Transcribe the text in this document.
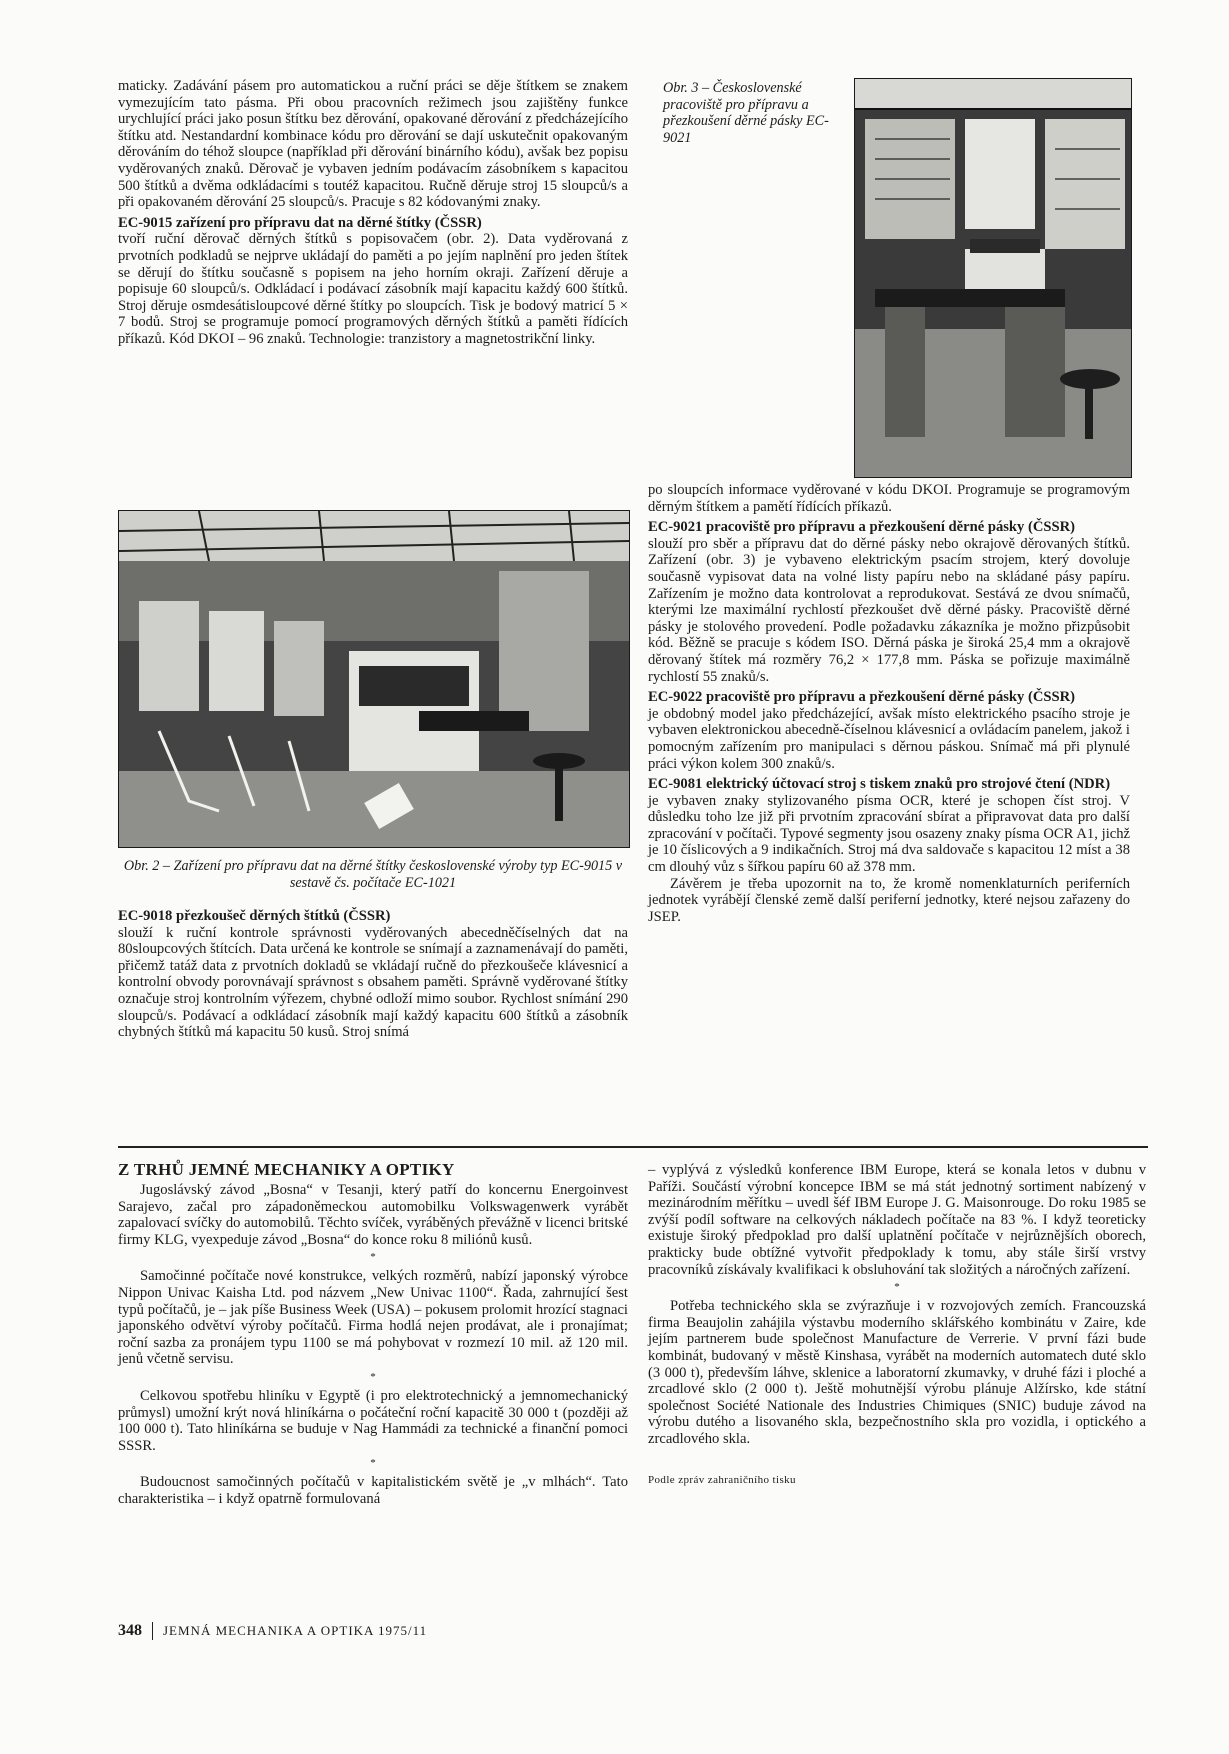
maticky. Zadávání pásem pro automatickou a ruční práci se děje štítkem se znakem vymezujícím tato pásma. Při obou pracovních režimech jsou zajištěny funkce urychlující práci jako posun štítku bez děrování, opakované děrování z předcházejícího štítku atd. Nestandardní kombinace kódu pro děrování se dají uskutečnit opakovaným děrováním do téhož sloupce (například při děrování binárního kódu), avšak bez popisu vyděrovaných znaků. Děrovač je vybaven jedním podávacím zásobníkem s kapacitou 500 štítků a dvěma odkládacími s toutéž kapacitou. Ručně děruje stroj 15 sloupců/s a při opakovaném děrování 25 sloupců/s. Pracuje s 82 kódovanými znaky.

EC-9015 zařízení pro přípravu dat na děrné štítky (ČSSR)

tvoří ruční děrovač děrných štítků s popisovačem (obr. 2). Data vyděrovaná z prvotních podkladů se nejprve ukládají do paměti a po jejím naplnění pro jeden štítek se děrují do štítku současně s popisem na jeho horním okraji. Zařízení děruje a popisuje 60 sloupců/s. Odkládací i podávací zásobník mají kapacitu každý 600 štítků. Stroj děruje osmdesátisloupcové děrné štítky po sloupcích. Tisk je bodový matricí 5 × 7 bodů. Stroj se programuje pomocí programových děrných štítků a paměti řídících příkazů. Kód DKOI – 96 znaků. Technologie: tranzistory a magnetostrikční linky.

Obr. 3 – Československé pracoviště pro přípravu a přezkoušení děrné pásky EC-9021
Obr. 2 – Zařízení pro přípravu dat na děrné štítky československé výroby typ EC-9015 v sestavě čs. počítače EC-1021
EC-9018 přezkoušeč děrných štítků (ČSSR)

slouží k ruční kontrole správnosti vyděrovaných abecedněčíselných dat na 80sloupcových štítcích. Data určená ke kontrole se snímají a zaznamenávají do paměti, přičemž tatáž data z prvotních dokladů se vkládají ručně do přezkoušeče klávesnicí a kontrolní obvody porovnávají správnost s obsahem paměti. Správně vyděrované štítky označuje stroj kontrolním výřezem, chybné odloží mimo soubor. Rychlost snímání 290 sloupců/s. Podávací a odkládací zásobník mají každý kapacitu 600 štítků a zásobník chybných štítků má kapacitu 50 kusů. Stroj snímá

po sloupcích informace vyděrované v kódu DKOI. Programuje se programovým děrným štítkem a pamětí řídících příkazů.

EC-9021 pracoviště pro přípravu a přezkoušení děrné pásky (ČSSR)

slouží pro sběr a přípravu dat do děrné pásky nebo okrajově děrovaných štítků. Zařízení (obr. 3) je vybaveno elektrickým psacím strojem, který dovoluje současně vypisovat data na volné listy papíru nebo na skládané pásy papíru. Zařízením je možno data kontrolovat a reprodukovat. Sestává ze dvou snímačů, kterými lze maximální rychlostí přezkoušet dvě děrné pásky. Pracoviště děrné pásky je stolového provedení. Podle požadavku zákazníka je možno přizpůsobit kód. Běžně se pracuje s kódem ISO. Děrná páska je široká 25,4 mm a okrajově děrovaný štítek má rozměry 76,2 × 177,8 mm. Páska se pořizuje maximálně rychlostí 55 znaků/s.

EC-9022 pracoviště pro přípravu a přezkoušení děrné pásky (ČSSR)

je obdobný model jako předcházející, avšak místo elektrického psacího stroje je vybaven elektronickou abecedně-číselnou klávesnicí a ovládacím panelem, jakož i pomocným zařízením pro manipulaci s děrnou páskou. Snímač má při plynulé práci výkon kolem 300 znaků/s.

EC-9081 elektrický účtovací stroj s tiskem znaků pro strojové čtení (NDR)

je vybaven znaky stylizovaného písma OCR, které je schopen číst stroj. V důsledku toho lze již při prvotním zpracování sbírat a připravovat data pro další zpracování v počítači. Typové segmenty jsou osazeny znaky písma OCR A1, jichž je 10 číslicových a 9 indikačních. Stroj má dva saldovače s kapacitou 12 míst a 38 cm dlouhý vůz s šířkou papíru 60 až 378 mm.

Závěrem je třeba upozornit na to, že kromě nomenklaturních periferních jednotek vyrábějí členské země další periferní jednotky, které nejsou zařazeny do JSEP.

Z TRHŮ JEMNÉ MECHANIKY A OPTIKY

Jugoslávský závod „Bosna“ v Tesanji, který patří do koncernu Energoinvest Sarajevo, začal pro západoněmeckou automobilku Volkswagenwerk vyrábět zapalovací svíčky do automobilů. Těchto svíček, vyráběných převážně v licenci britské firmy KLG, vyexpeduje závod „Bosna“ do konce roku 8 miliónů kusů.

*

Samočinné počítače nové konstrukce, velkých rozměrů, nabízí japonský výrobce Nippon Univac Kaisha Ltd. pod názvem „New Univac 1100“. Řada, zahrnující šest typů počítačů, je – jak píše Business Week (USA) – pokusem prolomit hrozící stagnaci japonského odvětví výroby počítačů. Firma hodlá nejen prodávat, ale i pronajímat; roční sazba za pronájem typu 1100 se má pohybovat v rozmezí 10 mil. až 120 mil. jenů včetně servisu.

*

Celkovou spotřebu hliníku v Egyptě (i pro elektrotechnický a jemnomechanický průmysl) umožní krýt nová hliníkárna o počáteční roční kapacitě 30 000 t (později až 100 000 t). Tato hliníkárna se buduje v Nag Hammádi za technické a finanční pomoci SSSR.

*

Budoucnost samočinných počítačů v kapitalistickém světě je „v mlhách“. Tato charakteristika – i když opatrně formulovaná

– vyplývá z výsledků konference IBM Europe, která se konala letos v dubnu v Paříži. Součástí výrobní koncepce IBM se má stát jednotný sortiment nabízený v mezinárodním měřítku – uvedl šéf IBM Europe J. G. Maisonrouge. Do roku 1985 se zvýší podíl software na celkových nákladech počítače na 83 %. I když teoreticky existuje široký předpoklad pro další uplatnění počítače v nejrůznějších oborech, prakticky bude obtížné vytvořit předpoklady k tomu, aby stále širší vrstvy pracovníků získávaly kvalifikaci k obsluhování tak složitých a náročných zařízení.

*

Potřeba technického skla se zvýrazňuje i v rozvojových zemích. Francouzská firma Beaujolin zahájila výstavbu moderního sklářského kombinátu v Zaire, kde jejím partnerem bude společnost Manufacture de Verrerie. V první fázi bude kombinát, budovaný v městě Kinshasa, vyrábět na moderních automatech duté sklo (3 000 t), především láhve, sklenice a laboratorní zkumavky, v druhé fázi i ploché a zrcadlové sklo (2 000 t). Ještě mohutnější výrobu plánuje Alžírsko, kde státní společnost Société Nationale des Industries Chimiques (SNIC) buduje závod na výrobu dutého a lisovaného skla, bezpečnostního skla pro vozidla, i optického a zrcadlového skla.

Podle zpráv zahraničního tisku
348 JEMNÁ MECHANIKA A OPTIKA 1975/11
